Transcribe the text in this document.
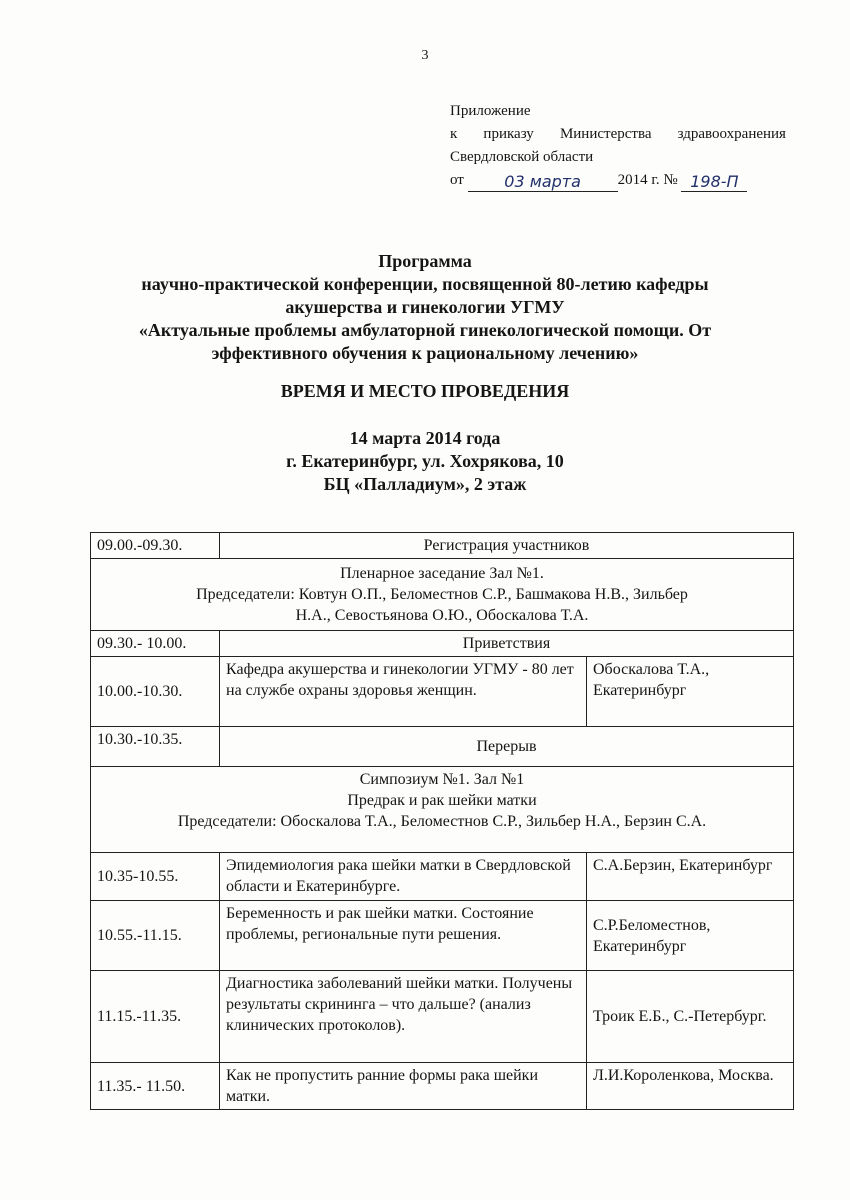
3
Приложение
к приказу Министерства здравоохранения
Свердловской области
от	03 марта 2014 г. № 198-П
Программа
научно-практической конференции, посвященной 80-летию кафедры
акушерства и гинекологии УГМУ
«Актуальные проблемы амбулаторной гинекологической помощи. От
эффективного обучения к рациональному лечению»
ВРЕМЯ И МЕСТО ПРОВЕДЕНИЯ
14 марта 2014 года
г. Екатеринбург, ул. Хохрякова, 10
БЦ «Палладиум», 2 этаж
09.00.-09.30.	Регистрация участников	

Пленарное заседание Зал №1.
Председатели: Ковтун О.П., Беломестнов С.Р., Башмакова Н.В., Зильбер
Н.А., Севостьянова О.Ю., Обоскалова Т.А.		

09.30.- 10.00.	Приветствия	
10.00.-10.30.	Кафедра акушерства и гинекологии УГМУ - 80 лет на службе охраны здоровья женщин.	Обоскалова Т.А., Екатеринбург
10.30.-10.35.	Перерыв	

Симпозиум №1. Зал №1
Предрак и рак шейки матки
Председатели: Обоскалова Т.А., Беломестнов С.Р., Зильбер Н.А., Берзин С.А.		

10.35-10.55.	Эпидемиология рака шейки матки в Свердловской области и Екатеринбурге.	С.А.Берзин, Екатеринбург
10.55.-11.15.	Беременность и рак шейки матки. Состояние проблемы, региональные пути решения.	С.Р.Беломестнов, Екатеринбург
11.15.-11.35.	Диагностика заболеваний шейки матки. Получены результаты скрининга – что дальше? (анализ клинических протоколов).	Троик Е.Б., С.-Петербург.
11.35.- 11.50.	Как не пропустить ранние формы рака шейки матки.	Л.И.Короленкова, Москва.
